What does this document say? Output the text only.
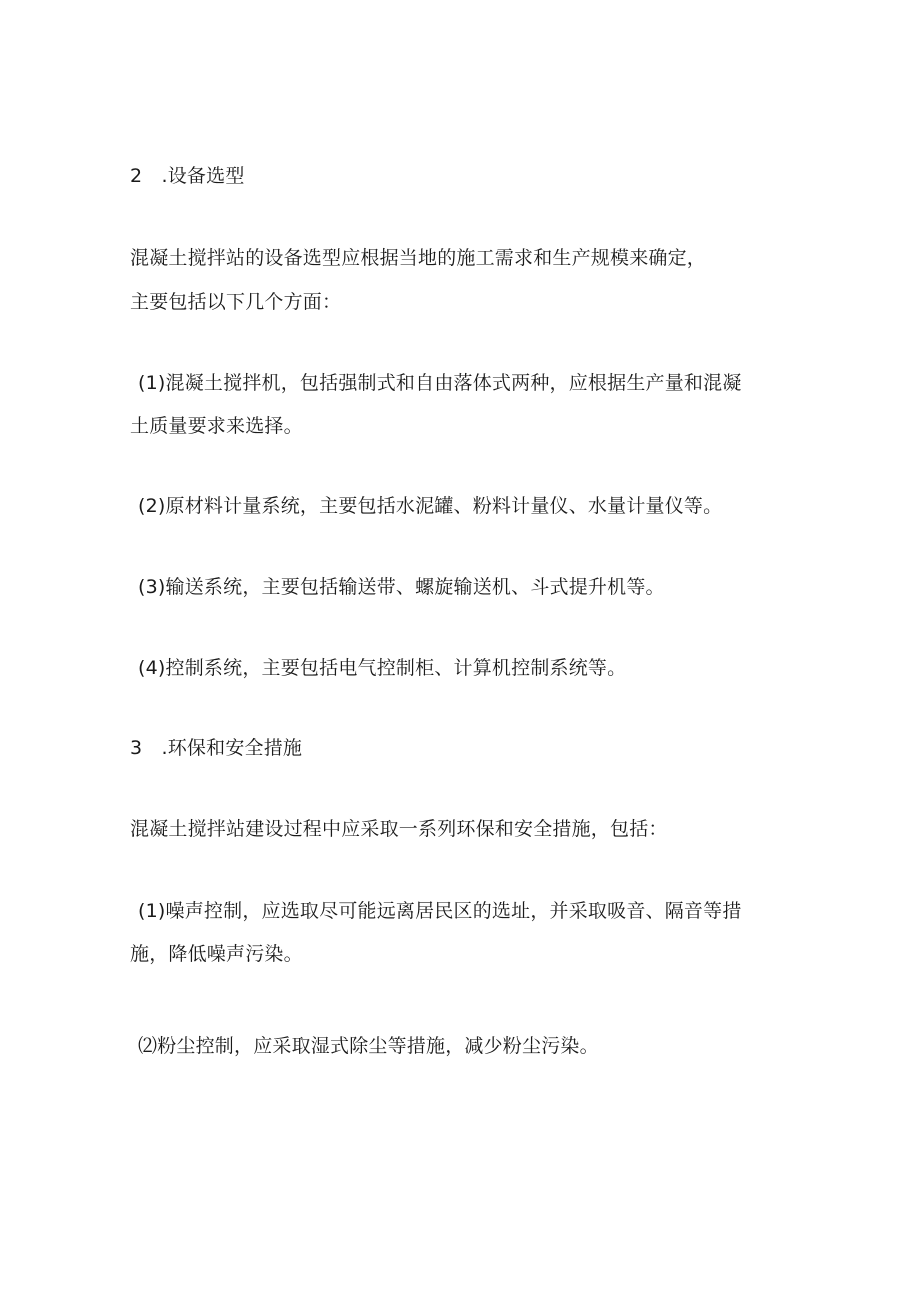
2　.设备选型
混凝土搅拌站的设备选型应根据当地的施工需求和生产规模来确定，
主要包括以下几个方面：
(1)混凝土搅拌机，包括强制式和自由落体式两种，应根据生产量和混凝
土质量要求来选择。
(2)原材料计量系统，主要包括水泥罐、粉料计量仪、水量计量仪等。
(3)输送系统，主要包括输送带、螺旋输送机、斗式提升机等。
(4)控制系统，主要包括电气控制柜、计算机控制系统等。
3　.环保和安全措施
混凝土搅拌站建设过程中应采取一系列环保和安全措施，包括：
(1)噪声控制，应选取尽可能远离居民区的选址，并采取吸音、隔音等措
施，降低噪声污染。
⑵粉尘控制，应采取湿式除尘等措施，减少粉尘污染。
